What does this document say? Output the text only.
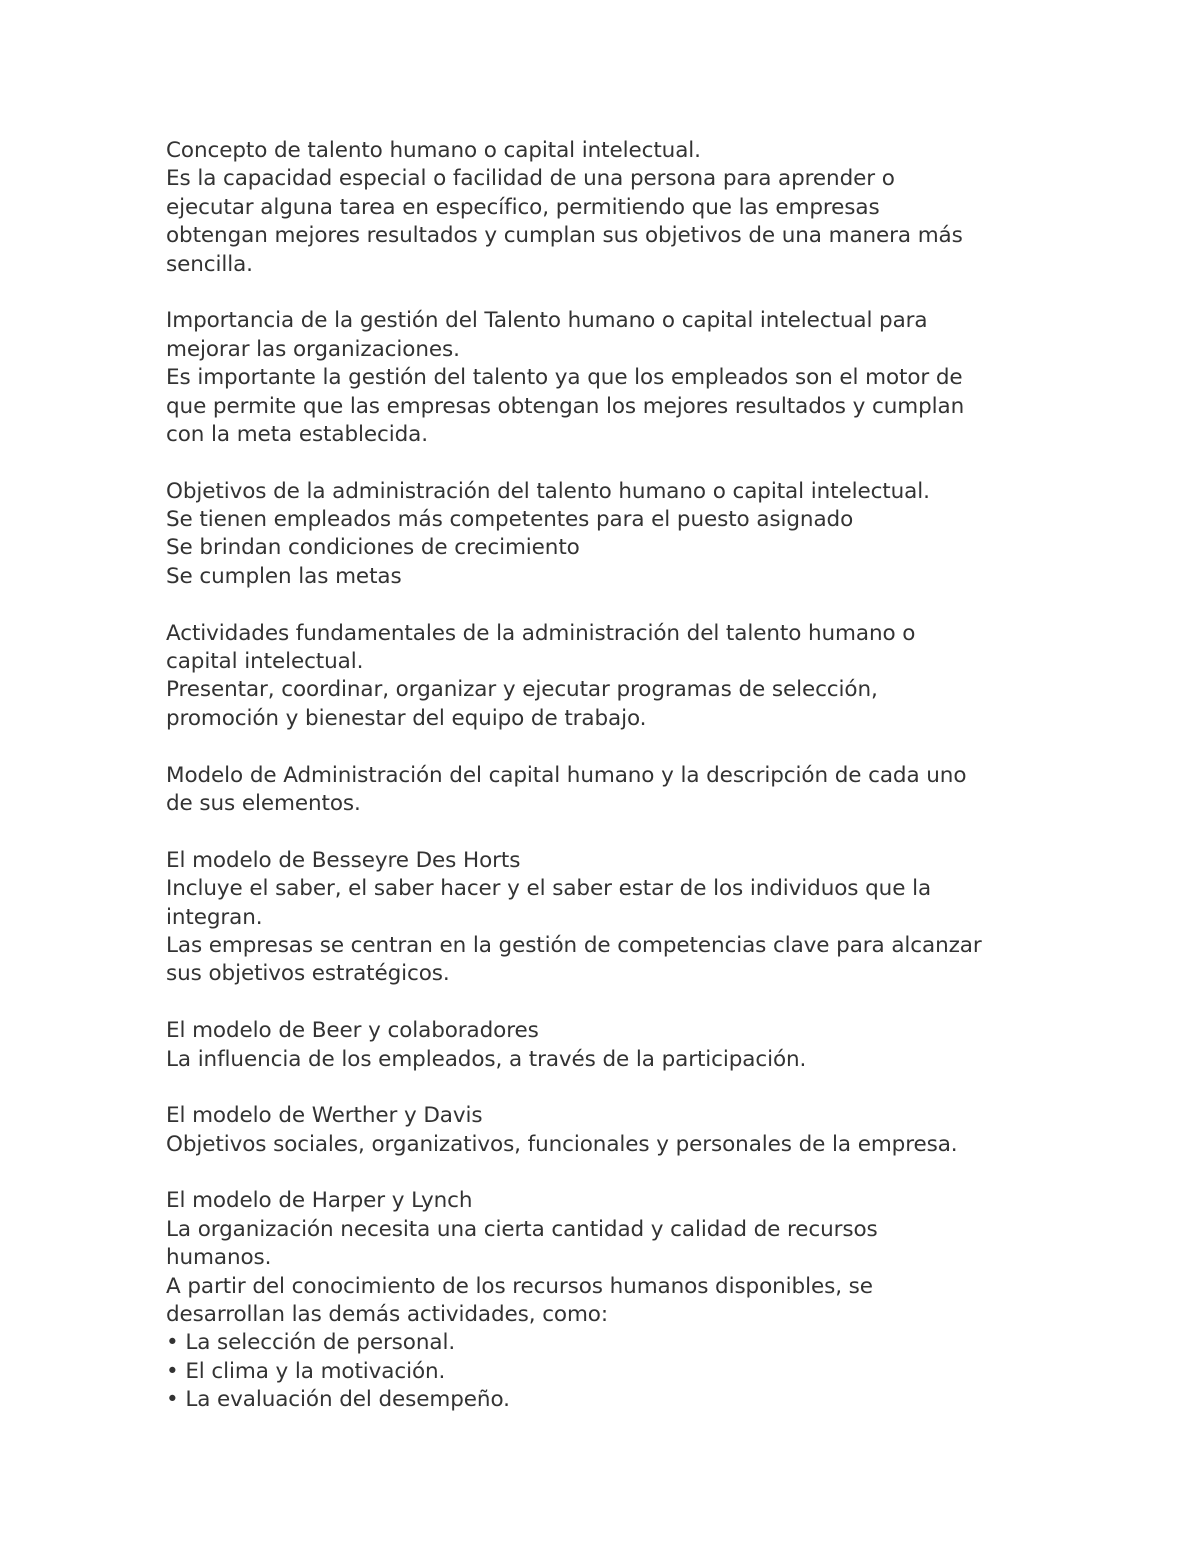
Concepto de talento humano o capital intelectual.
Es la capacidad especial o facilidad de una persona para aprender o
ejecutar alguna tarea en específico, permitiendo que las empresas
obtengan mejores resultados y cumplan sus objetivos de una manera más
sencilla.
Importancia de la gestión del Talento humano o capital intelectual para
mejorar las organizaciones.
Es importante la gestión del talento ya que los empleados son el motor de
que permite que las empresas obtengan los mejores resultados y cumplan
con la meta establecida.
Objetivos de la administración del talento humano o capital intelectual.
Se tienen empleados más competentes para el puesto asignado
Se brindan condiciones de crecimiento
Se cumplen las metas
Actividades fundamentales de la administración del talento humano o
capital intelectual.
Presentar, coordinar, organizar y ejecutar programas de selección,
promoción y bienestar del equipo de trabajo.
Modelo de Administración del capital humano y la descripción de cada uno
de sus elementos.
El modelo de Besseyre Des Horts
Incluye el saber, el saber hacer y el saber estar de los individuos que la
integran.
Las empresas se centran en la gestión de competencias clave para alcanzar
sus objetivos estratégicos.
El modelo de Beer y colaboradores
La influencia de los empleados, a través de la participación.
El modelo de Werther y Davis
Objetivos sociales, organizativos, funcionales y personales de la empresa.
El modelo de Harper y Lynch
La organización necesita una cierta cantidad y calidad de recursos
humanos.
A partir del conocimiento de los recursos humanos disponibles, se
desarrollan las demás actividades, como:
• La selección de personal.
• El clima y la motivación.
• La evaluación del desempeño.
